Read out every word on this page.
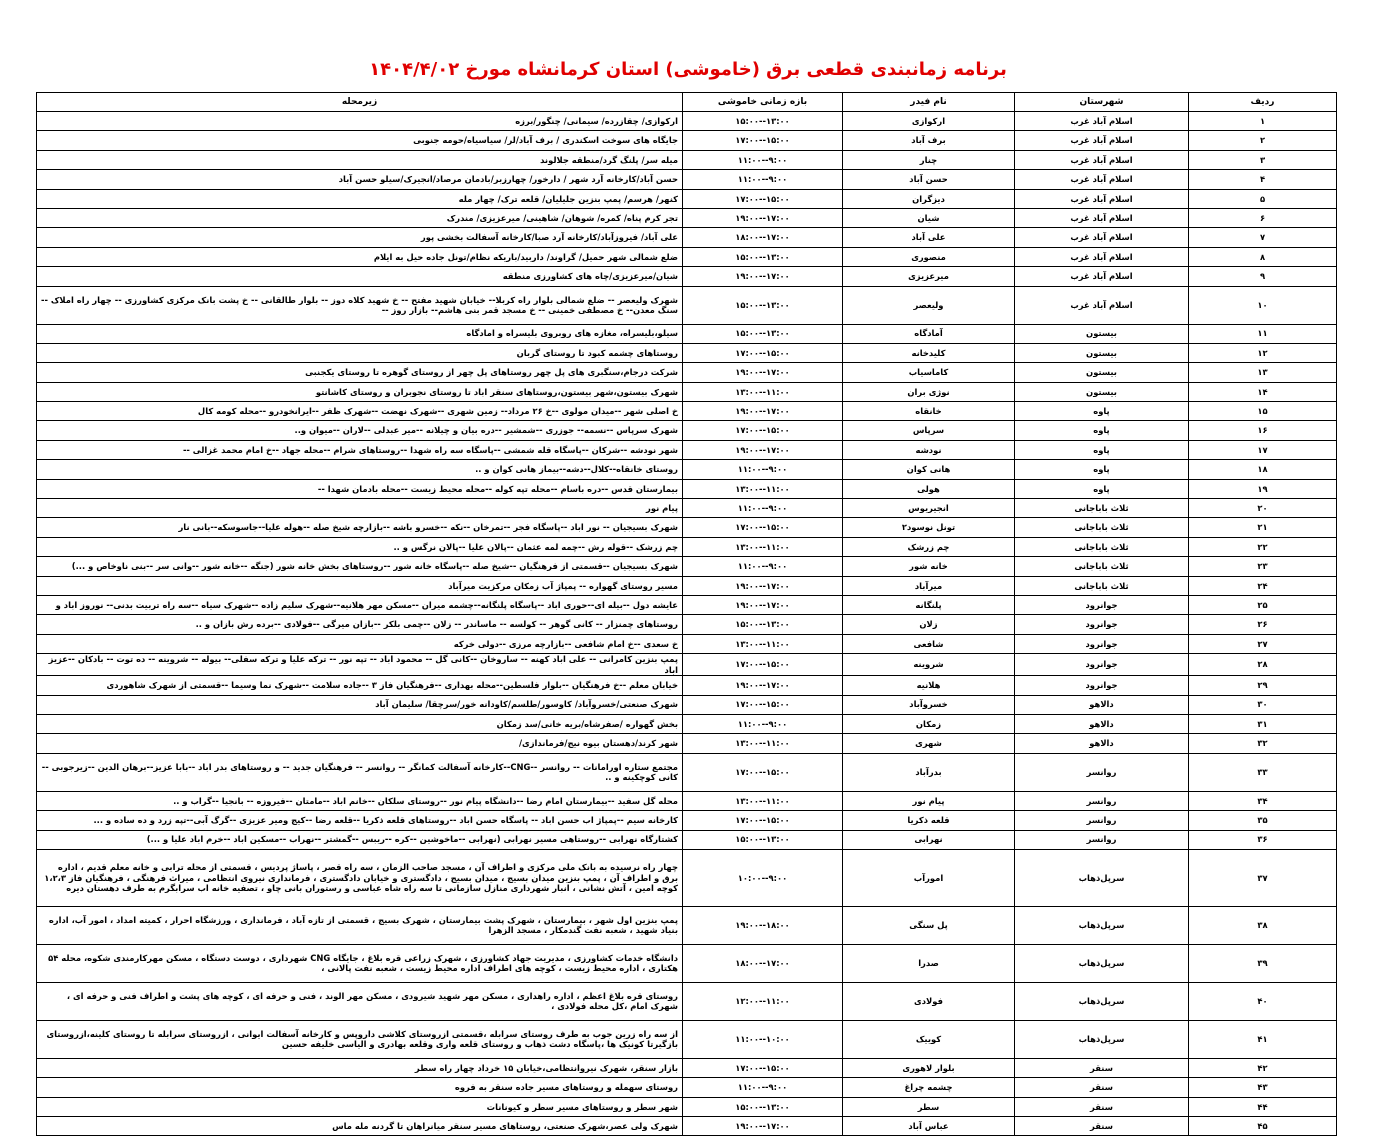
برنامه زمانبندی قطعی برق (خاموشی) استان کرمانشاه مورخ ۱۴۰۴/۴/۰۲
ردیف	شهرستان	نام فیدر	بازه زمانی خاموشی	زیرمحله
۱	اسلام آباد غرب	ارکوازی	۱۳:۰۰--۱۵:۰۰	ارکوازی/ چقازرده/ سیمانی/ چنگور/برزه
۲	اسلام آباد غرب	برف آباد	۱۵:۰۰--۱۷:۰۰	جایگاه های سوخت اسکندری / برف آباد/لر/ سیاسیاه/حومه جنوبی
۳	اسلام آباد غرب	چنار	۹:۰۰--۱۱:۰۰	میله سر/ پلنگ گرد/منطقه جلالوند
۴	اسلام آباد غرب	حسن آباد	۹:۰۰--۱۱:۰۰	حسن آباد/کارخانه آرد شهر / دارخور/ چهارزبر/بادمان مرصاد/انجیرک/سیلو حسن آباد
۵	اسلام آباد غرب	دیزگران	۱۵:۰۰--۱۷:۰۰	کنهر/ هرسم/ پمپ بنزین جلیلیان/ قلعه ترک/ چهار مله
۶	اسلام آباد غرب	شیان	۱۷:۰۰--۱۹:۰۰	تجر کرم پناه/ کمره/ شوهان/ شاهینی/ میرعزیزی/ مندرک
۷	اسلام آباد غرب	علی آباد	۱۷:۰۰--۱۸:۰۰	علی آباد/ فیروزآباد/کارخانه آرد صبا/کارخانه آسفالت بخشی پور
۸	اسلام آباد غرب	منصوری	۱۳:۰۰--۱۵:۰۰	ضلع شمالی شهر حمیل/ گراوند/ داربید/باریکه نظام/تونل جاده حیل به ایلام
۹	اسلام آباد غرب	میرعزیزی	۱۷:۰۰--۱۹:۰۰	شیان/میرعزیزی/چاه های کشاورزی منطقه
۱۰	اسلام آباد غرب	ولیعصر	۱۳:۰۰--۱۵:۰۰	شهرک ولیعصر -- ضلع شمالی بلوار راه کربلا-- خیابان شهید مفتح -- خ شهید کلاه دوز -- بلوار طالقانی -- خ پشت بانک مرکزی کشاورزی -- چهار راه املاک -- سنگ معدن-- خ مصطفی خمینی -- خ مسجد قمر بنی هاشم-- بازار روز --
۱۱	بیستون	آمادگاه	۱۳:۰۰--۱۵:۰۰	سیلو،بلیسراه، مغازه های روبروی بلیسراه و امادگاه
۱۲	بیستون	کلیدخانه	۱۵:۰۰--۱۷:۰۰	روستاهای چشمه کبود تا روستای گربان
۱۳	بیستون	کاماسیاب	۱۷:۰۰--۱۹:۰۰	شرکت درجام،سنگبری های پل چهر روستاهای پل چهر از روستای گوهره تا روستای یکجنبی
۱۴	بیستون	نوژی بران	۱۱:۰۰--۱۳:۰۰	شهرک بیستون،شهر بیستون،روستاهای سنقر اباد تا روستای نجوبران و روستای کاشانتو
۱۵	پاوه	خانقاه	۱۷:۰۰--۱۹:۰۰	خ اصلی شهر --میدان مولوی --خ ۲۶ مرداد-- زمین شهری --شهرک نهضت --شهرک ظفر --ایرانخودرو --محله کومه کال
۱۶	پاوه	سرپاس	۱۵:۰۰--۱۷:۰۰	شهرک سرپاس --نسمه-- جوزری --شمشیر --دره بیان و چیلانه --میر عبدلی --لاران --میوان و..
۱۷	پاوه	نودشه	۱۷:۰۰--۱۹:۰۰	شهر نودشه --شرکان --پاسگاه قله شمشی --پاسگاه سه راه شهدا --روستاهای شرام --محله جهاد --خ امام محمد غزالی --
۱۸	پاوه	هانی کوان	۹:۰۰--۱۱:۰۰	روستای خانقاه--کلال--دشه--بیماز هانی کوان و ..
۱۹	پاوه	هولی	۱۱:۰۰--۱۳:۰۰	بیمارستان قدس --دره باسام --محله تپه کوله --محله محیط زیست --محله بادمان شهدا --
۲۰	ثلاث باباجانی	انجیریوس	۹:۰۰--۱۱:۰۰	پیام نور
۲۱	ثلاث باباجانی	تونل نوسود۲	۱۵:۰۰--۱۷:۰۰	شهرک بسیجیان -- نور اباد --پاسگاه فجر --تمرخان --نکه --خسرو باشه --بازارچه شیخ صله --هوله علیا--جاسوسکه--بانی نار
۲۲	ثلاث باباجانی	چم زرشک	۱۱:۰۰--۱۳:۰۰	چم زرشک --قوله رش --چمه لمه عثمان --پالان علیا --پالان نرگس و ..
۲۳	ثلاث باباجانی	خانه شور	۹:۰۰--۱۱:۰۰	شهرک بسیجیان --قسمتی از فرهنگیان --شیخ صله --پاسگاه خانه شور --روستاهای بخش خانه شور (جنگه --خانه شور --وانی سر --بنی ناوخاص و ...)
۲۴	ثلاث باباجانی	میرآباد	۱۷:۰۰--۱۹:۰۰	مسیر روستای گهواره -- پمپاژ آب زمکان مرکزیت میرآباد
۲۵	جوانرود	پلنگانه	۱۷:۰۰--۱۹:۰۰	عایشه دول --بیله ای--حوری اباد --پاسگاه پلنگانه--چشمه میران --مسکن مهر هلانیه--شهرک سلیم زاده --شهرک سیاه --سه راه تربیت بدنی-- نوروز اباد و
۲۶	جوانرود	زلان	۱۳:۰۰--۱۵:۰۰	روستاهای چمنزار -- کانی گوهر -- کولسه -- ماساندر -- زلان --چمی بلکر --بازان میرگی --فولادی --برده رش بازان و ..
۲۷	جوانرود	شافعی	۱۱:۰۰--۱۳:۰۰	خ سعدی --خ امام شافعی --بازارچه مرزی --دولی خرکه
۲۸	جوانرود	شروینه	۱۵:۰۰--۱۷:۰۰	پمپ بنزین کامرانی -- علی اباد کهنه -- ساروخان --کانی گل -- محمود اباد -- تپه نور -- ترکه علیا و ترکه سفلی-- بیوله -- شروینه -- ده توت -- بادکان --عزیز اباد
۲۹	جوانرود	هلانیه	۱۷:۰۰--۱۹:۰۰	خیابان معلم --خ فرهنگیان --بلوار فلسطین--محله بهداری --فرهنگیان فاز ۳ --جاده سلامت --شهرک نما وسیما --قسمتی از شهرک شاهوردی
۳۰	دالاهو	خسروآباد	۱۵:۰۰--۱۷:۰۰	شهرک صنعتی/خسروآباد/ کاوسور/طلسم/کاودانه خور/سرچقا/ سلیمان آباد
۳۱	دالاهو	زمکان	۹:۰۰--۱۱:۰۰	بخش گهواره /صفرشاه/بریه خانی/سد زمکان
۳۲	دالاهو	شهری	۱۱:۰۰--۱۳:۰۰	شهر کرند/دهستان بیوه نیج/فرماندازی/
۳۳	روانسر	بدرآباد	۱۵:۰۰--۱۷:۰۰	مجتمع ستاره اورامانات -- روانسر --CNG--کارخانه آسفالت کمانگر -- روانسر -- فرهنگیان جدید -- و روستاهای بدر اباد --بابا عزیز--برهان الدین --زیرجوبی --کانی کوچکینه و ..
۳۴	روانسر	پیام نور	۱۱:۰۰--۱۳:۰۰	محله گل سفید --بیمارستان امام رضا --دانشگاه پیام نور --روستای سلکان --خانم اباد --مامتان --فیروزه -- بانجیا --گراب و ..
۳۵	روانسر	قلعه ذکریا	۱۵:۰۰--۱۷:۰۰	کارخانه سیم --پمپاژ اب حسن اباد -- پاسگاه حسن اباد --روستاهای قلعه ذکریا --قلعه رضا --کیج ومیر عزیزی --گرگ آبی--تپه زرد و ده ساده و ...
۳۶	روانسر	نهرابی	۱۳:۰۰--۱۵:۰۰	کشتارگاه نهرابی --روستاهی مسیر نهرابی (نهرابی --ماخوشین --کره --ریبس --گمشتر --نهراب --مسکین اباد --خرم اباد علیا و ...)
۳۷	سرپل‌ذهاب	امورآب	۹:۰۰--۱۰:۰۰	چهار راه نرسیده به بانک ملی مرکزی و اطراف آن ، مسجد صاحب الزمان ، سه راه قصر ، پاساژ پردیس ، قسمتی از محله ترابی و خانه معلم قدیم ، اداره برق و اطراف آن ، پمپ بنزین میدان بسیج ، میدان بسیج ، دادگستری و خیابان دادگستری ، فرمانداری نیروی انتظامی ، میراث فرهنگی ، فرهنگیان فاز ۱،۲،۳ کوچه امین ، آتش نشانی ، انبار شهرداری منازل سازمانی تا سه راه شاه عباسی و رستوران بانی چاو ، تصفیه خانه اب سرابگرم به طرف دهستان دیره
۳۸	سرپل‌ذهاب	پل سنگی	۱۸:۰۰--۱۹:۰۰	پمپ بنزین اول شهر ، بیمارستان ، شهرک پشت بیمارستان ، شهرک بسیج ، قسمتی از تازه آباد ، فرمانداری ، ورزشگاه احرار ، کمیته امداد ، امور آب، اداره بنیاد شهید ، شعبه نفت گندمکار ، مسجد الزهرا
۳۹	سرپل‌ذهاب	صدرا	۱۷:۰۰--۱۸:۰۰	دانشگاه خدمات کشاورزی ، مدیریت جهاد کشاورزی ، شهرک زراعی قره بلاغ ، جایگاه CNG شهرداری ، دوست دستگاه ، مسکن مهرکارمندی شکوه، محله ۵۴ هکتاری ، اداره محیط زیست ، کوچه های اطراف اداره محیط زیست ، شعبه نفت پالانی ،
۴۰	سرپل‌ذهاب	فولادی	۱۱:۰۰--۱۲:۰۰	روستای قره بلاغ اعظم ، اداره راهداری ، مسکن مهر شهید شیرودی ، مسکن مهر الوند ، فنی و حرفه ای ، کوچه های پشت و اطراف فنی و حرفه ای ، شهرک امام ،کل محله فولادی ،
۴۱	سرپل‌ذهاب	کوییک	۱۰:۰۰--۱۱:۰۰	از سه راه زرین جوب به طرف روستای سرابله ،قسمتی ازروستای کلاشی داروپس و کارخانه آسفالت ایوانی ، ازروستای سرابله تا روستای کلینه،ازروستای بازگیرتا کونیک ها ،پاسگاه دشت ذهاب و روستای قلعه واری وقلعه بهادری و الیاسی خلیفه حسین
۴۲	سنقر	بلوار لاهوری	۱۵:۰۰--۱۷:۰۰	بازار سنقر، شهرک نیروانتظامی،خیابان ۱۵ خرداد چهار راه سطر
۴۳	سنقر	چشمه چراغ	۹:۰۰--۱۱:۰۰	روستای سهمله و روستاهای مسیر جاده سنقر به فروه
۴۴	سنقر	سطر	۱۳:۰۰--۱۵:۰۰	شهر سطر و روستاهای مسیر سطر و کیونانات
۴۵	سنقر	عباس آباد	۱۷:۰۰--۱۹:۰۰	شهرک ولی عصر،شهرک صنعتی، روستاهای مسیر سنقر میانراهان تا گردنه مله ماس
